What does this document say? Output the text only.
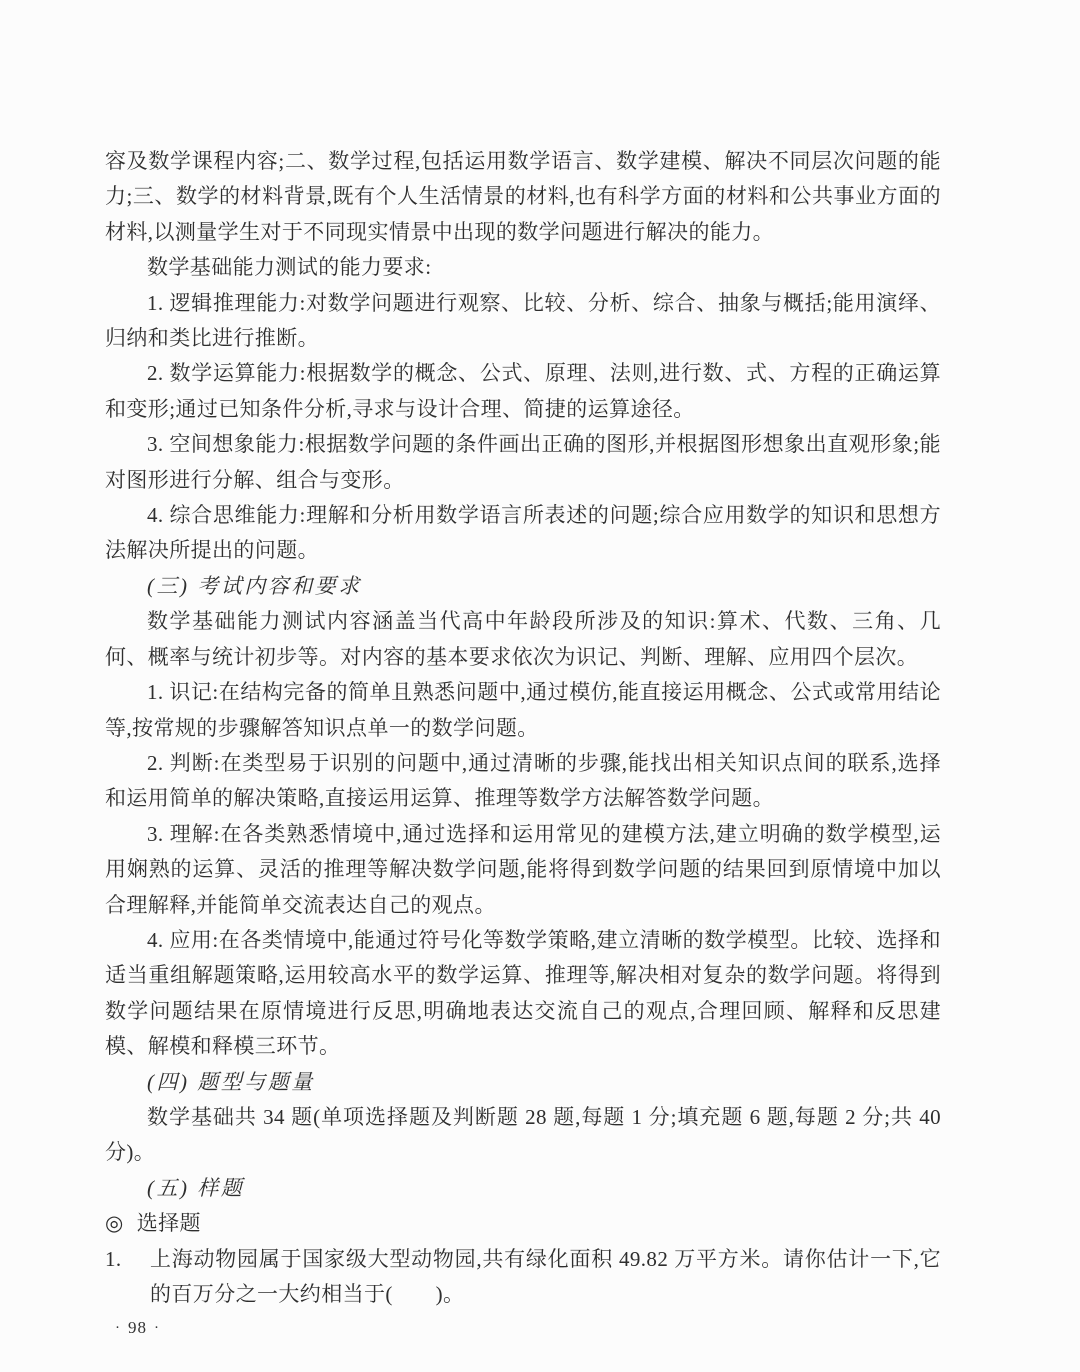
容及数学课程内容;二、数学过程,包括运用数学语言、数学建模、解决不同层次问题的能力;三、数学的材料背景,既有个人生活情景的材料,也有科学方面的材料和公共事业方面的材料,以测量学生对于不同现实情景中出现的数学问题进行解决的能力。

数学基础能力测试的能力要求:

1. 逻辑推理能力:对数学问题进行观察、比较、分析、综合、抽象与概括;能用演绎、归纳和类比进行推断。

2. 数学运算能力:根据数学的概念、公式、原理、法则,进行数、式、方程的正确运算和变形;通过已知条件分析,寻求与设计合理、简捷的运算途径。

3. 空间想象能力:根据数学问题的条件画出正确的图形,并根据图形想象出直观形象;能对图形进行分解、组合与变形。

4. 综合思维能力:理解和分析用数学语言所表述的问题;综合应用数学的知识和思想方法解决所提出的问题。

(三) 考试内容和要求

数学基础能力测试内容涵盖当代高中年龄段所涉及的知识:算术、代数、三角、几何、概率与统计初步等。对内容的基本要求依次为识记、判断、理解、应用四个层次。

1. 识记:在结构完备的简单且熟悉问题中,通过模仿,能直接运用概念、公式或常用结论等,按常规的步骤解答知识点单一的数学问题。

2. 判断:在类型易于识别的问题中,通过清晰的步骤,能找出相关知识点间的联系,选择和运用简单的解决策略,直接运用运算、推理等数学方法解答数学问题。

3. 理解:在各类熟悉情境中,通过选择和运用常见的建模方法,建立明确的数学模型,运用娴熟的运算、灵活的推理等解决数学问题,能将得到数学问题的结果回到原情境中加以合理解释,并能简单交流表达自己的观点。

4. 应用:在各类情境中,能通过符号化等数学策略,建立清晰的数学模型。比较、选择和适当重组解题策略,运用较高水平的数学运算、推理等,解决相对复杂的数学问题。将得到数学问题结果在原情境进行反思,明确地表达交流自己的观点,合理回顾、解释和反思建模、解模和释模三环节。

(四) 题型与题量

数学基础共 34 题(单项选择题及判断题 28 题,每题 1 分;填充题 6 题,每题 2 分;共 40 分)。

(五) 样题

◎ 选择题

1. 上海动物园属于国家级大型动物园,共有绿化面积 49.82 万平方米。请你估计一下,它的百万分之一大约相当于(　　)。
· 98 ·
